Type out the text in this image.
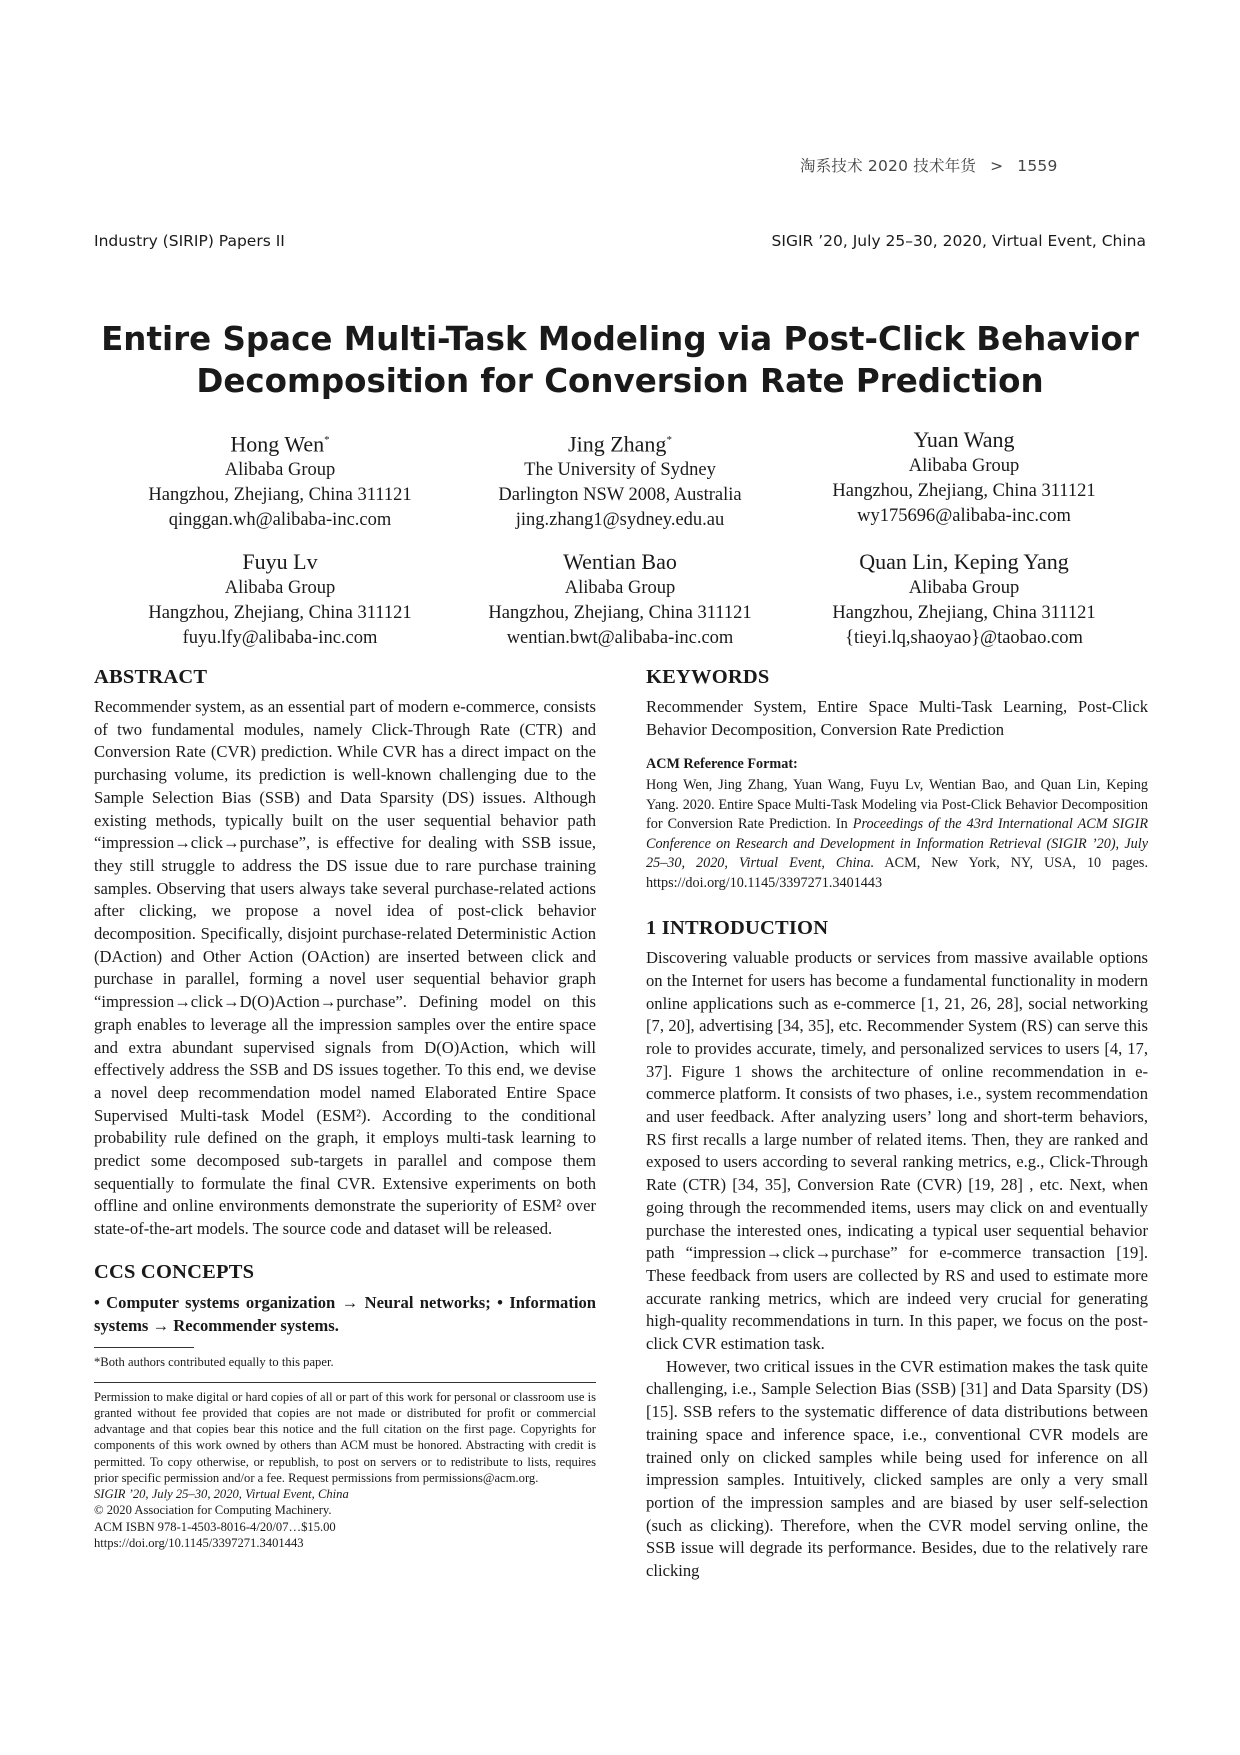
淘系技术 2020 技术年货 > 1559
Industry (SIRIP) Papers II	SIGIR ’20, July 25–30, 2020, Virtual Event, China
Entire Space Multi-Task Modeling via Post-Click Behavior
Decomposition for Conversion Rate Prediction
Hong Wen*
Alibaba Group
Hangzhou, Zhejiang, China 311121
qinggan.wh@alibaba-inc.com
Jing Zhang*
The University of Sydney
Darlington NSW 2008, Australia
jing.zhang1@sydney.edu.au
Yuan Wang
Alibaba Group
Hangzhou, Zhejiang, China 311121
wy175696@alibaba-inc.com
Fuyu Lv
Alibaba Group
Hangzhou, Zhejiang, China 311121
fuyu.lfy@alibaba-inc.com
Wentian Bao
Alibaba Group
Hangzhou, Zhejiang, China 311121
wentian.bwt@alibaba-inc.com
Quan Lin, Keping Yang
Alibaba Group
Hangzhou, Zhejiang, China 311121
{tieyi.lq,shaoyao}@taobao.com
ABSTRACT

Recommender system, as an essential part of modern e-commerce, consists of two fundamental modules, namely Click-Through Rate (CTR) and Conversion Rate (CVR) prediction. While CVR has a direct impact on the purchasing volume, its prediction is well-known challenging due to the Sample Selection Bias (SSB) and Data Sparsity (DS) issues. Although existing methods, typically built on the user sequential behavior path “impression→click→purchase”, is effective for dealing with SSB issue, they still struggle to address the DS issue due to rare purchase training samples. Observing that users always take several purchase-related actions after clicking, we propose a novel idea of post-click behavior decomposition. Specifically, disjoint purchase-related Deterministic Action (DAction) and Other Action (OAction) are inserted between click and purchase in parallel, forming a novel user sequential behavior graph “impression→click→D(O)Action→purchase”. Defining model on this graph enables to leverage all the impression samples over the entire space and extra abundant supervised signals from D(O)Action, which will effectively address the SSB and DS issues together. To this end, we devise a novel deep recommendation model named Elaborated Entire Space Supervised Multi-task Model (ESM²). According to the conditional probability rule defined on the graph, it employs multi-task learning to predict some decomposed sub-targets in parallel and compose them sequentially to formulate the final CVR. Extensive experiments on both offline and online environments demonstrate the superiority of ESM² over state-of-the-art models. The source code and dataset will be released.

CCS CONCEPTS

• Computer systems organization → Neural networks; • Information systems → Recommender systems.

*Both authors contributed equally to this paper.
Permission to make digital or hard copies of all or part of this work for personal or classroom use is granted without fee provided that copies are not made or distributed for profit or commercial advantage and that copies bear this notice and the full citation on the first page. Copyrights for components of this work owned by others than ACM must be honored. Abstracting with credit is permitted. To copy otherwise, or republish, to post on servers or to redistribute to lists, requires prior specific permission and/or a fee. Request permissions from permissions@acm.org.
SIGIR ’20, July 25–30, 2020, Virtual Event, China
© 2020 Association for Computing Machinery.
ACM ISBN 978-1-4503-8016-4/20/07…$15.00
https://doi.org/10.1145/3397271.3401443
KEYWORDS

Recommender System, Entire Space Multi-Task Learning, Post-Click Behavior Decomposition, Conversion Rate Prediction

ACM Reference Format:

Hong Wen, Jing Zhang, Yuan Wang, Fuyu Lv, Wentian Bao, and Quan Lin, Keping Yang. 2020. Entire Space Multi-Task Modeling via Post-Click Behavior Decomposition for Conversion Rate Prediction. In Proceedings of the 43rd International ACM SIGIR Conference on Research and Development in Information Retrieval (SIGIR ’20), July 25–30, 2020, Virtual Event, China. ACM, New York, NY, USA, 10 pages. https://doi.org/10.1145/3397271.3401443

1 INTRODUCTION

Discovering valuable products or services from massive available options on the Internet for users has become a fundamental functionality in modern online applications such as e-commerce [1, 21, 26, 28], social networking [7, 20], advertising [34, 35], etc. Recommender System (RS) can serve this role to provides accurate, timely, and personalized services to users [4, 17, 37]. Figure 1 shows the architecture of online recommendation in e-commerce platform. It consists of two phases, i.e., system recommendation and user feedback. After analyzing users’ long and short-term behaviors, RS first recalls a large number of related items. Then, they are ranked and exposed to users according to several ranking metrics, e.g., Click-Through Rate (CTR) [34, 35], Conversion Rate (CVR) [19, 28] , etc. Next, when going through the recommended items, users may click on and eventually purchase the interested ones, indicating a typical user sequential behavior path “impression→click→purchase” for e-commerce transaction [19]. These feedback from users are collected by RS and used to estimate more accurate ranking metrics, which are indeed very crucial for generating high-quality recommendations in turn. In this paper, we focus on the post-click CVR estimation task.

However, two critical issues in the CVR estimation makes the task quite challenging, i.e., Sample Selection Bias (SSB) [31] and Data Sparsity (DS) [15]. SSB refers to the systematic difference of data distributions between training space and inference space, i.e., conventional CVR models are trained only on clicked samples while being used for inference on all impression samples. Intuitively, clicked samples are only a very small portion of the impression samples and are biased by user self-selection (such as clicking). Therefore, when the CVR model serving online, the SSB issue will degrade its performance. Besides, due to the relatively rare clicking
